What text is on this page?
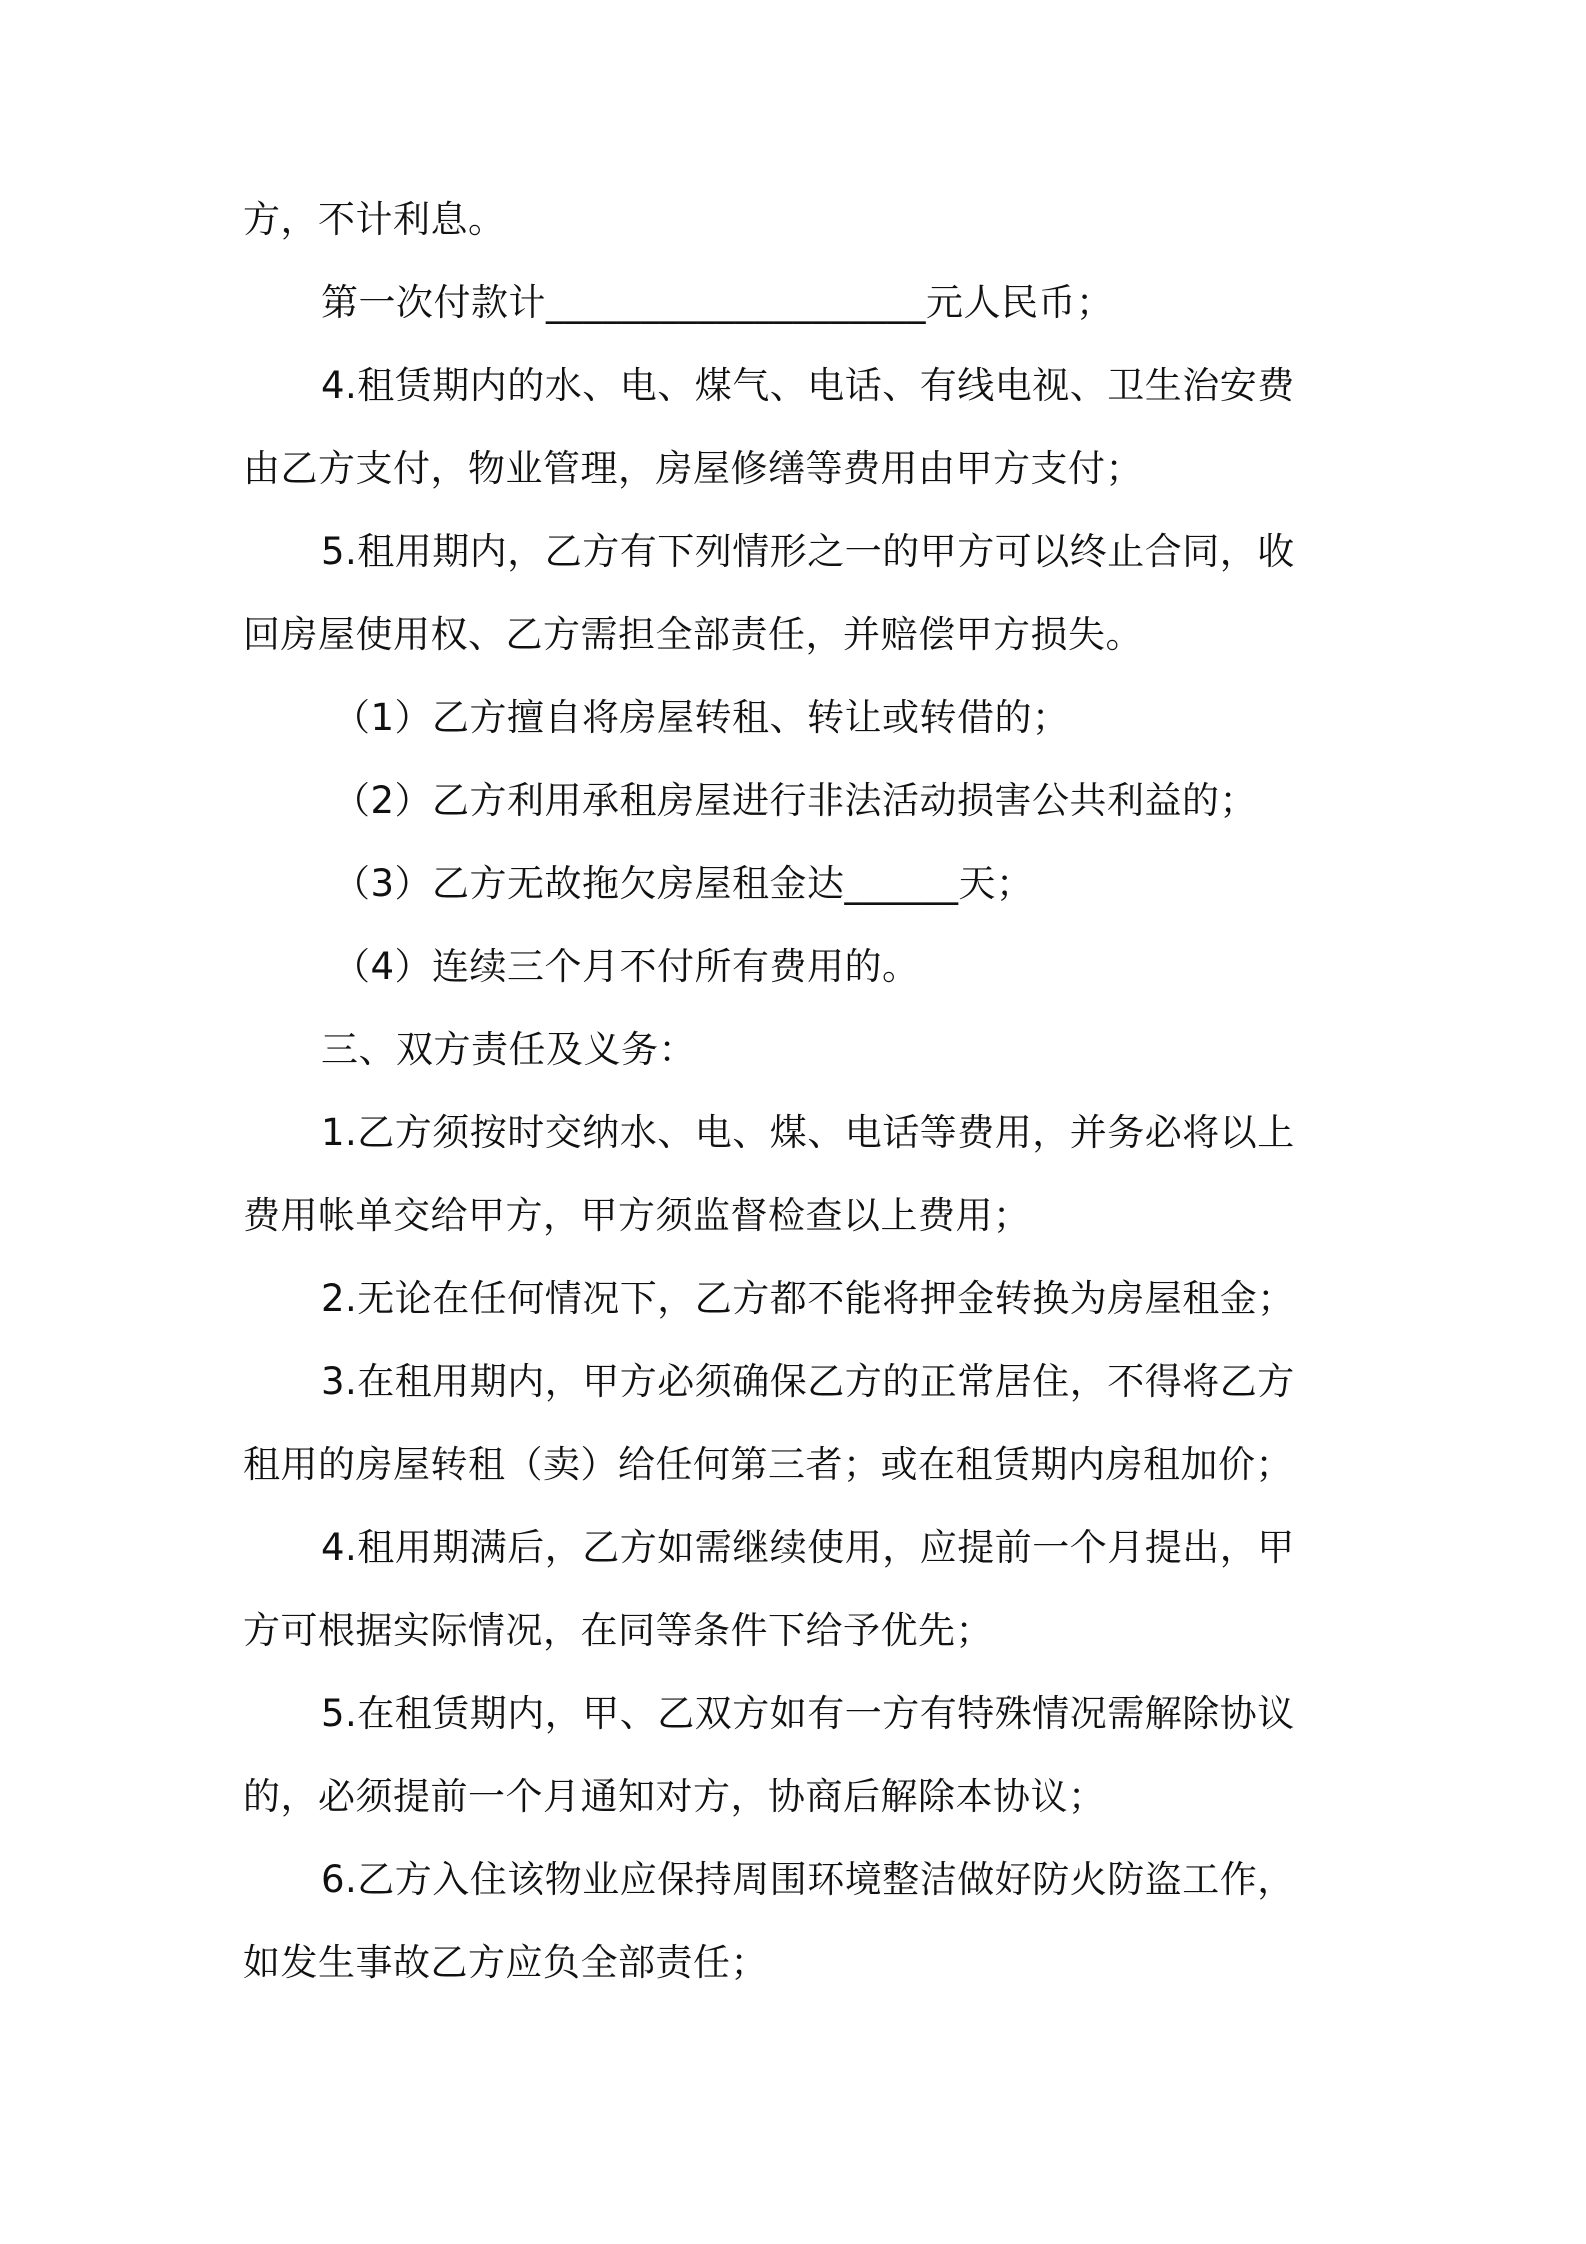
方，不计利息。
第一次付款计____________________元人民币；
4.租赁期内的水、电、煤气、电话、有线电视、卫生治安费
由乙方支付，物业管理，房屋修缮等费用由甲方支付；
5.租用期内，乙方有下列情形之一的甲方可以终止合同，收
回房屋使用权、乙方需担全部责任，并赔偿甲方损失。
（1）乙方擅自将房屋转租、转让或转借的；
（2）乙方利用承租房屋进行非法活动损害公共利益的；
（3）乙方无故拖欠房屋租金达______天；
（4）连续三个月不付所有费用的。
三、双方责任及义务：
1.乙方须按时交纳水、电、煤、电话等费用，并务必将以上
费用帐单交给甲方，甲方须监督检查以上费用；
2.无论在任何情况下，乙方都不能将押金转换为房屋租金；
3.在租用期内，甲方必须确保乙方的正常居住，不得将乙方
租用的房屋转租（卖）给任何第三者；或在租赁期内房租加价；
4.租用期满后，乙方如需继续使用，应提前一个月提出，甲
方可根据实际情况，在同等条件下给予优先；
5.在租赁期内，甲、乙双方如有一方有特殊情况需解除协议
的，必须提前一个月通知对方，协商后解除本协议；
6.乙方入住该物业应保持周围环境整洁做好防火防盗工作，
如发生事故乙方应负全部责任；
